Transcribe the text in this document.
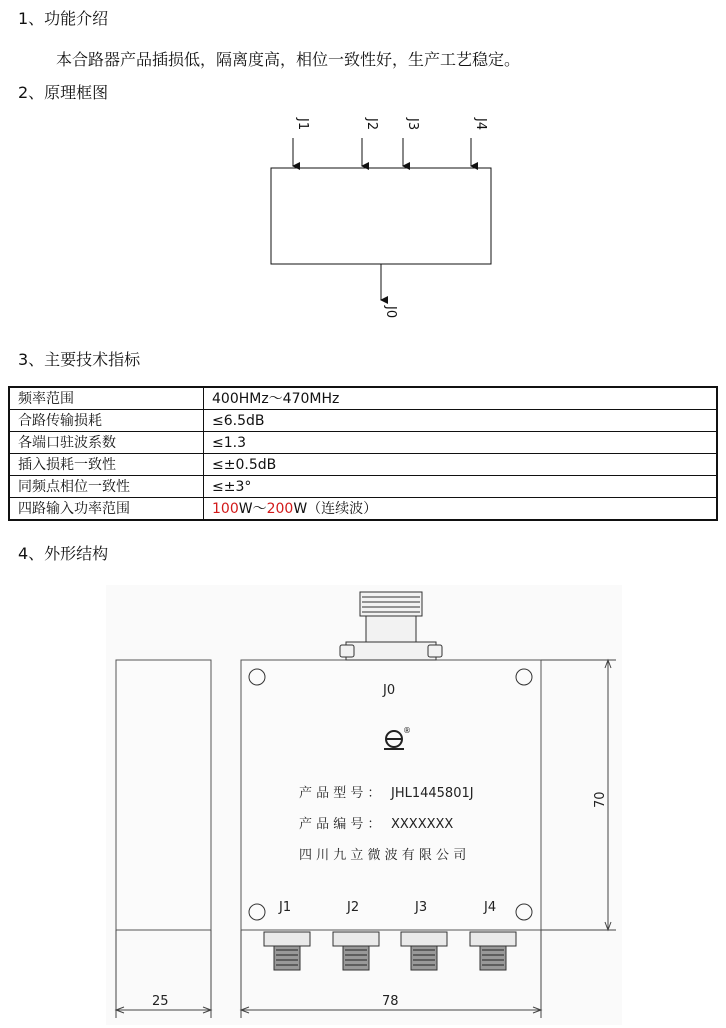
1、功能介绍
本合路器产品插损低，隔离度高，相位一致性好，生产工艺稳定。
2、原理框图
J1	J2 J3	J4
J0
3、主要技术指标
频率范围	400HMz～470MHz
合路传输损耗	≤6.5dB
各端口驻波系数	≤1.3
插入损耗一致性	≤±0.5dB
同频点相位一致性	≤±3°
四路输入功率范围	100W～200W（连续波）
4、外形结构
®
J0
产 品 型 号 ： JHL1445801J
产 品 编 号 ： XXXXXXX
四 川 九 立 微 波 有 限 公 司
J1	J2	J3	J4
70
25	78
